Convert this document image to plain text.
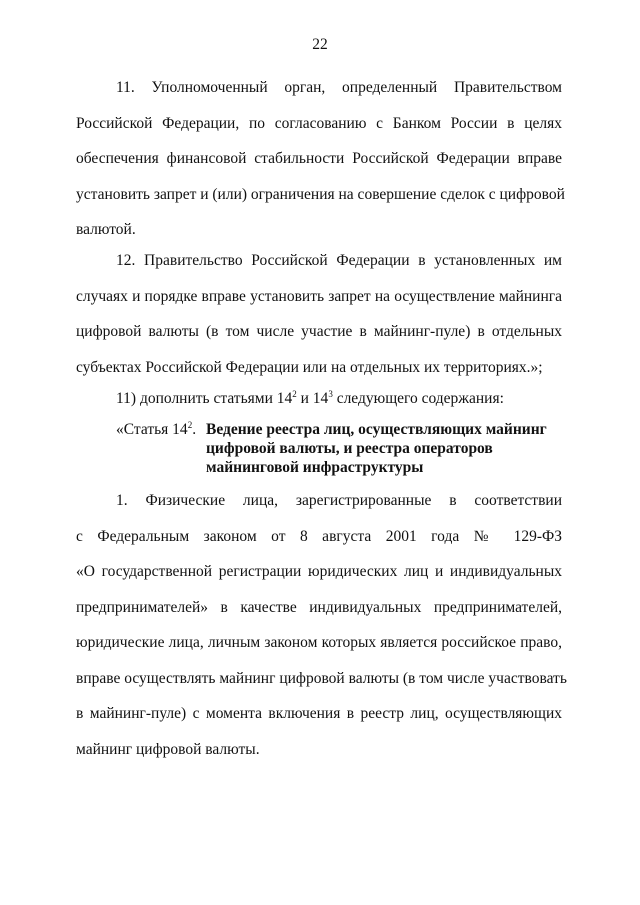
22
11. Уполномоченный орган, определенный Правительством
Российской Федерации, по согласованию с Банком России в целях
обеспечения финансовой стабильности Российской Федерации вправе
установить запрет и (или) ограничения на совершение сделок с цифровой
валютой.
12. Правительство Российской Федерации в установленных им
случаях и порядке вправе установить запрет на осуществление майнинга
цифровой валюты (в том числе участие в майнинг-пуле) в отдельных
субъектах Российской Федерации или на отдельных их территориях.»;
11) дополнить статьями $14^2$ и $14^3$ следующего содержания:
«Статья $14^2$. Ведение реестра лиц, осуществляющих майнинг
цифровой валюты, и реестра операторов
майнинговой инфраструктуры
1. Физические лица, зарегистрированные в соответствии
с Федеральным законом от 8 августа 2001 года № 129-ФЗ
«О государственной регистрации юридических лиц и индивидуальных
предпринимателей» в качестве индивидуальных предпринимателей,
юридические лица, личным законом которых является российское право,
вправе осуществлять майнинг цифровой валюты (в том числе участвовать
в майнинг-пуле) с момента включения в реестр лиц, осуществляющих
майнинг цифровой валюты.
